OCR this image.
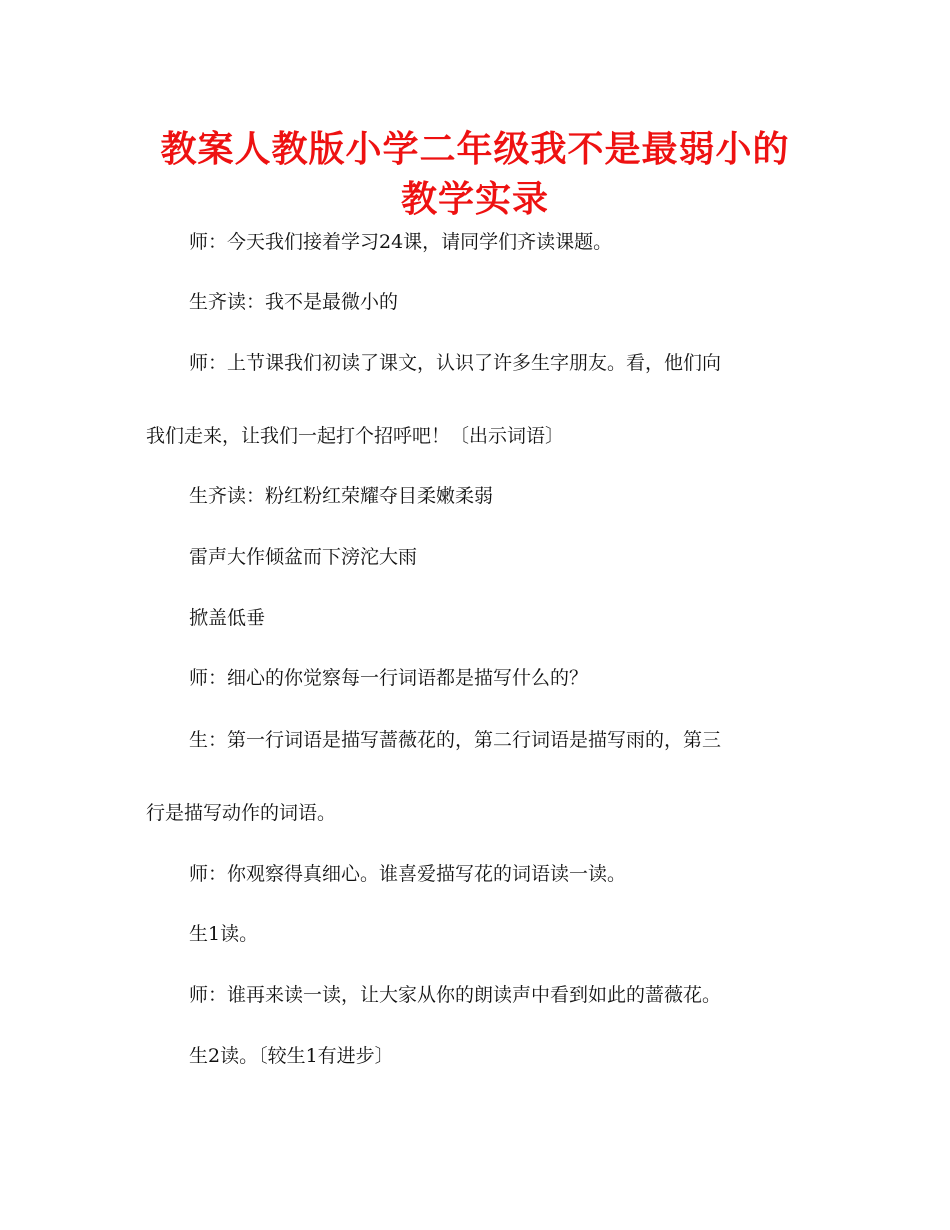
教案人教版小学二年级我不是最弱小的教学实录

师：今天我们接着学习24课，请同学们齐读课题。

生齐读：我不是最微小的

师：上节课我们初读了课文，认识了许多生字朋友。看，他们向

我们走来，让我们一起打个招呼吧！〔出示词语〕

生齐读：粉红粉红荣耀夺目柔嫩柔弱

雷声大作倾盆而下滂沱大雨

掀盖低垂

师：细心的你觉察每一行词语都是描写什么的？

生：第一行词语是描写蔷薇花的，第二行词语是描写雨的，第三

行是描写动作的词语。

师：你观察得真细心。谁喜爱描写花的词语读一读。

生1读。

师：谁再来读一读，让大家从你的朗读声中看到如此的蔷薇花。

生2读。〔较生1有进步〕
